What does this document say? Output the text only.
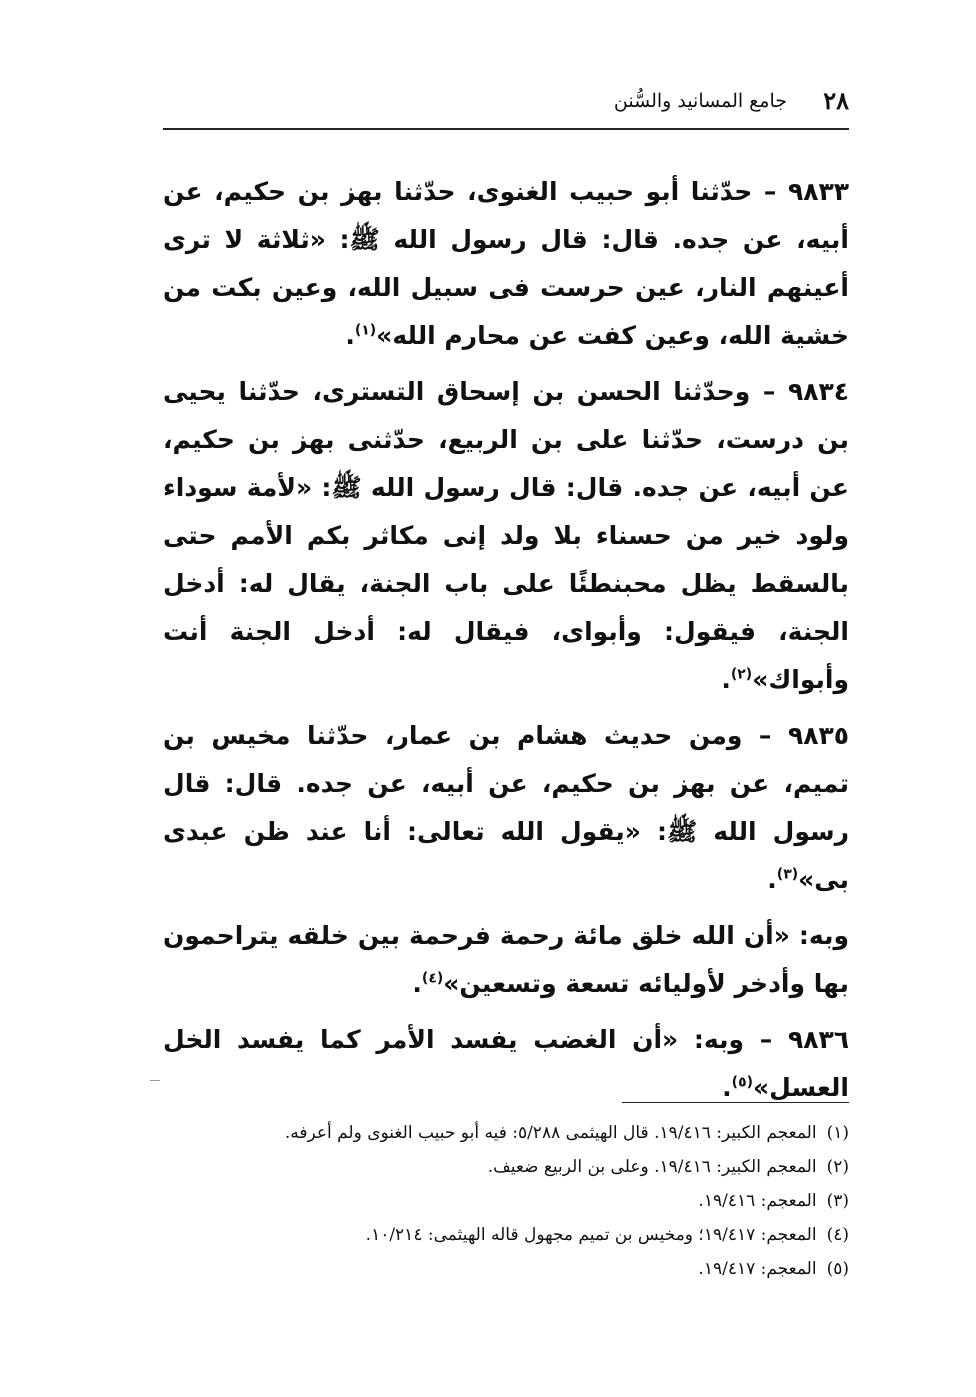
٢٨
جامع المسانيد والسُّنن

٩٨٣٣ – حدّثنا أبو حبيب الغنوى، حدّثنا بهز بن حكيم، عن أبيه، عن جده. قال: قال رسول الله ﷺ: «ثلاثة لا ترى أعينهم النار، عين حرست فى سبيل الله، وعين بكت من خشية الله، وعين كفت عن محارم الله»$^{(١)}$.

٩٨٣٤ – وحدّثنا الحسن بن إسحاق التسترى، حدّثنا يحيى بن درست، حدّثنا على بن الربيع، حدّثنى بهز بن حكيم، عن أبيه، عن جده. قال: قال رسول الله ﷺ: «لأمة سوداء ولود خير من حسناء بلا ولد إنى مكاثر بكم الأمم حتى بالسقط يظل محبنطئًا على باب الجنة، يقال له: أدخل الجنة، فيقول: وأبواى، فيقال له: أدخل الجنة أنت وأبواك»$^{(٢)}$.

٩٨٣٥ – ومن حديث هشام بن عمار، حدّثنا مخيس بن تميم، عن بهز بن حكيم، عن أبيه، عن جده. قال: قال رسول الله ﷺ: «يقول الله تعالى: أنا عند ظن عبدى بى»$^{(٣)}$.

وبه: «أن الله خلق مائة رحمة فرحمة بين خلقه يتراحمون بها وأدخر لأوليائه تسعة وتسعين»$^{(٤)}$.

٩٨٣٦ – وبه: «أن الغضب يفسد الأمر كما يفسد الخل العسل»$^{(٥)}$.

(١)المعجم الكبير: ١٩/٤١٦. قال الهيثمى ٥/٢٨٨: فيه أبو حبيب الغنوى ولم أعرفه.

(٢)المعجم الكبير: ١٩/٤١٦. وعلى بن الربيع ضعيف.

(٣)المعجم: ١٩/٤١٦.

(٤)المعجم: ١٩/٤١٧؛ ومخيس بن تميم مجهول قاله الهيثمى: ١٠/٢١٤.

(٥)المعجم: ١٩/٤١٧.
